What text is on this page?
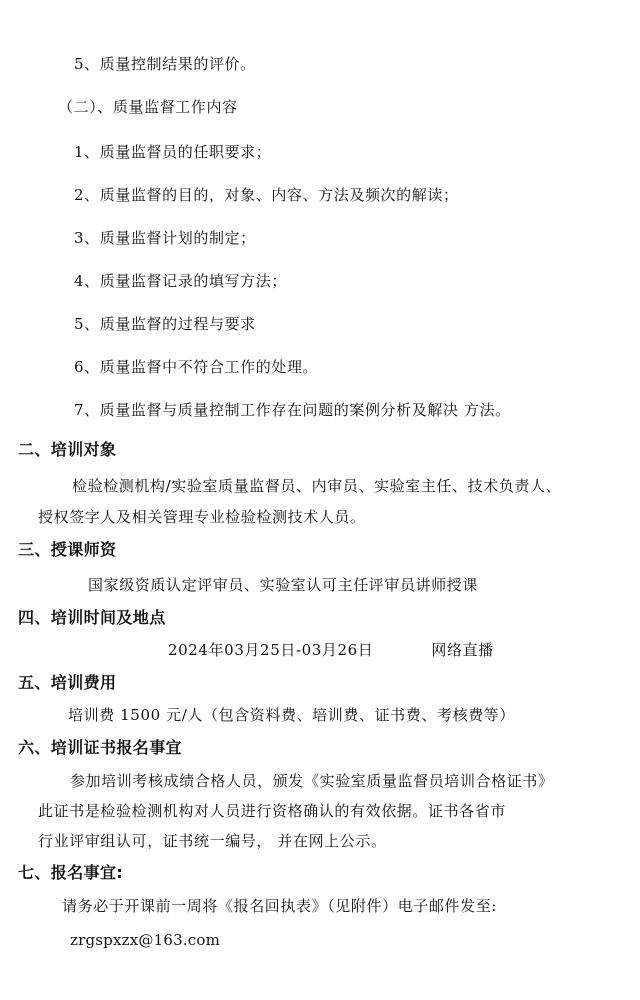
5、质量控制结果的评价。
（二）、质量监督工作内容
1、质量监督员的任职要求；
2、质量监督的目的，对象、内容、方法及频次的解读；
3、质量监督计划的制定；
4、质量监督记录的填写方法；
5、质量监督的过程与要求
6、质量监督中不符合工作的处理。
7、质量监督与质量控制工作存在问题的案例分析及解决 方法。
二、培训对象
检验检测机构/实验室质量监督员、内审员、实验室主任、技术负责人、
授权签字人及相关管理专业检验检测技术人员。
三、授课师资
国家级资质认定评审员、实验室认可主任评审员讲师授课
四、培训时间及地点
2024年03月25日-03月26日	网络直播
五、培训费用
培训费 1500 元/人（包含资料费、培训费、证书费、考核费等）
六、培训证书报名事宜
参加培训考核成绩合格人员，颁发《实验室质量监督员培训合格证书》
此证书是检验检测机构对人员进行资格确认的有效依据。证书各省市
行业评审组认可，证书统一编号， 并在网上公示。
七、报名事宜:
请务必于开课前一周将《报名回执表》（见附件）电子邮件发至:
zrgspxzx@163.com
